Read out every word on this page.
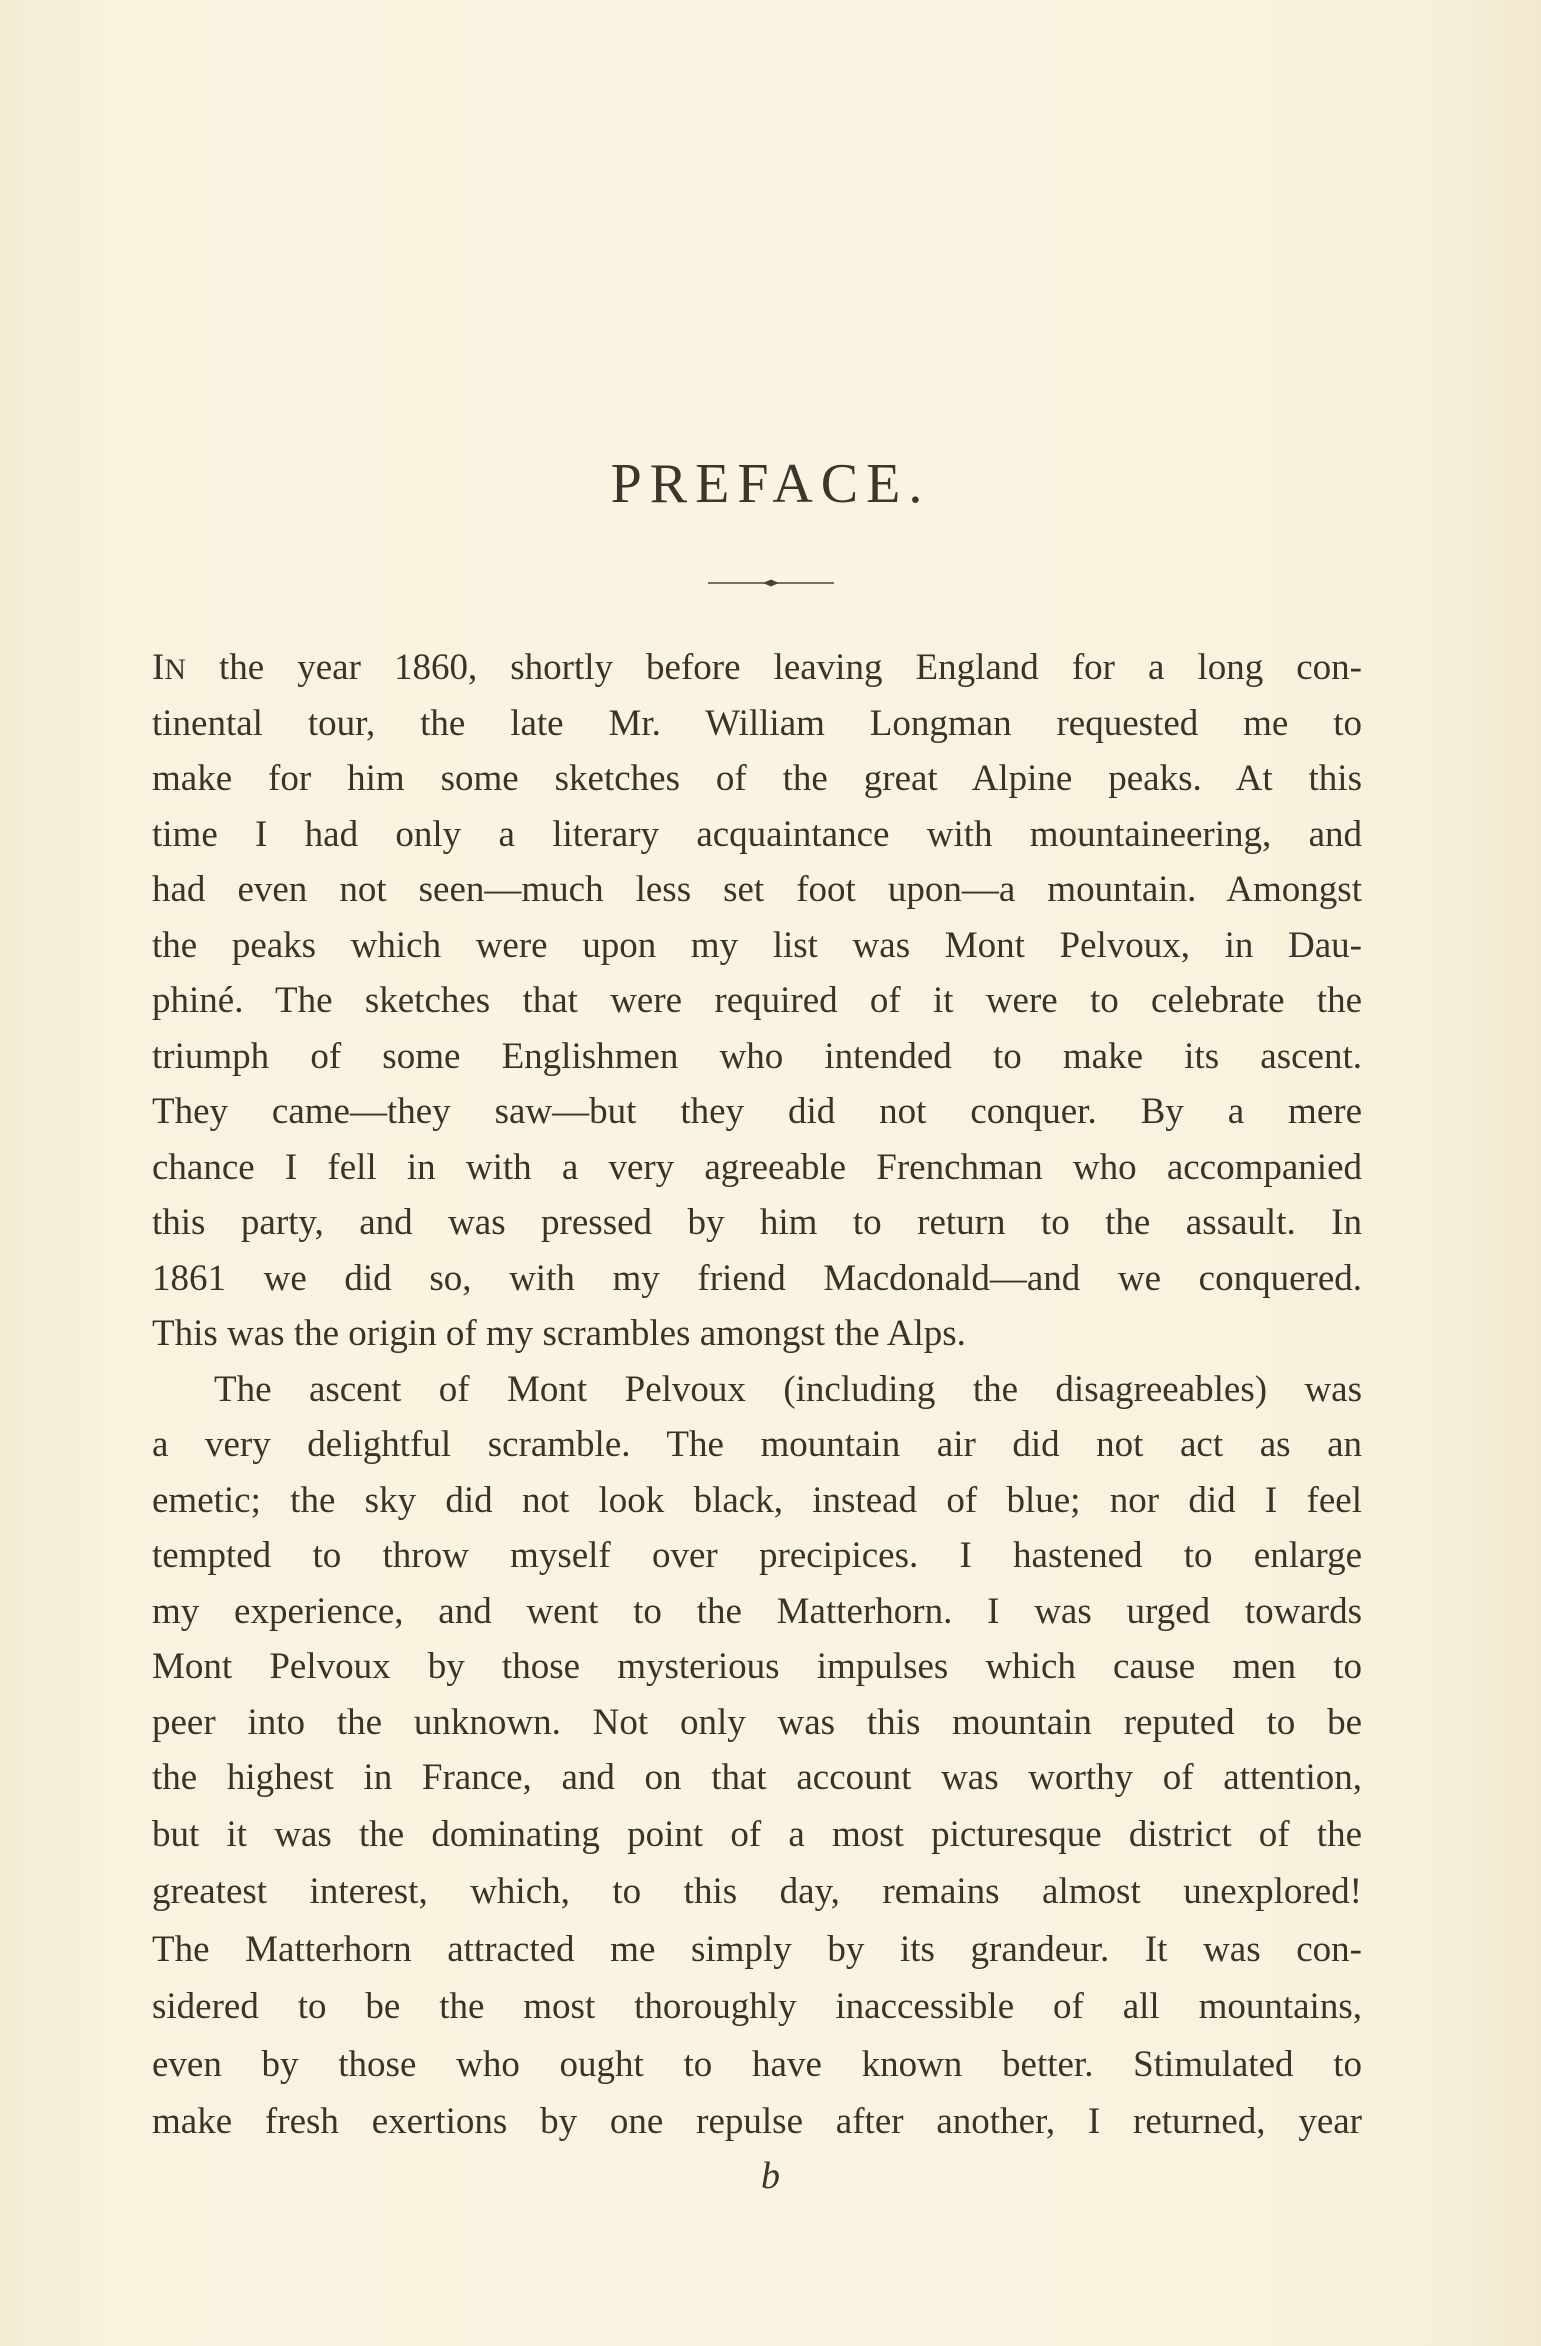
PREFACE.
IN the year 1860, shortly before leaving England for a long con-
tinental tour, the late Mr. William Longman requested me to
make for him some sketches of the great Alpine peaks. At this
time I had only a literary acquaintance with mountaineering, and
had even not seen—much less set foot upon—a mountain. Amongst
the peaks which were upon my list was Mont Pelvoux, in Dau-
phiné. The sketches that were required of it were to celebrate the
triumph of some Englishmen who intended to make its ascent.
They came—they saw—but they did not conquer. By a mere
chance I fell in with a very agreeable Frenchman who accompanied
this party, and was pressed by him to return to the assault. In
1861 we did so, with my friend Macdonald—and we conquered.
This was the origin of my scrambles amongst the Alps.
The ascent of Mont Pelvoux (including the disagreeables) was
a very delightful scramble. The mountain air did not act as an
emetic; the sky did not look black, instead of blue; nor did I feel
tempted to throw myself over precipices. I hastened to enlarge
my experience, and went to the Matterhorn. I was urged towards
Mont Pelvoux by those mysterious impulses which cause men to
peer into the unknown. Not only was this mountain reputed to be
the highest in France, and on that account was worthy of attention,
but it was the dominating point of a most picturesque district of the
greatest interest, which, to this day, remains almost unexplored!
The Matterhorn attracted me simply by its grandeur. It was con-
sidered to be the most thoroughly inaccessible of all mountains,
even by those who ought to have known better. Stimulated to
make fresh exertions by one repulse after another, I returned, year
b
